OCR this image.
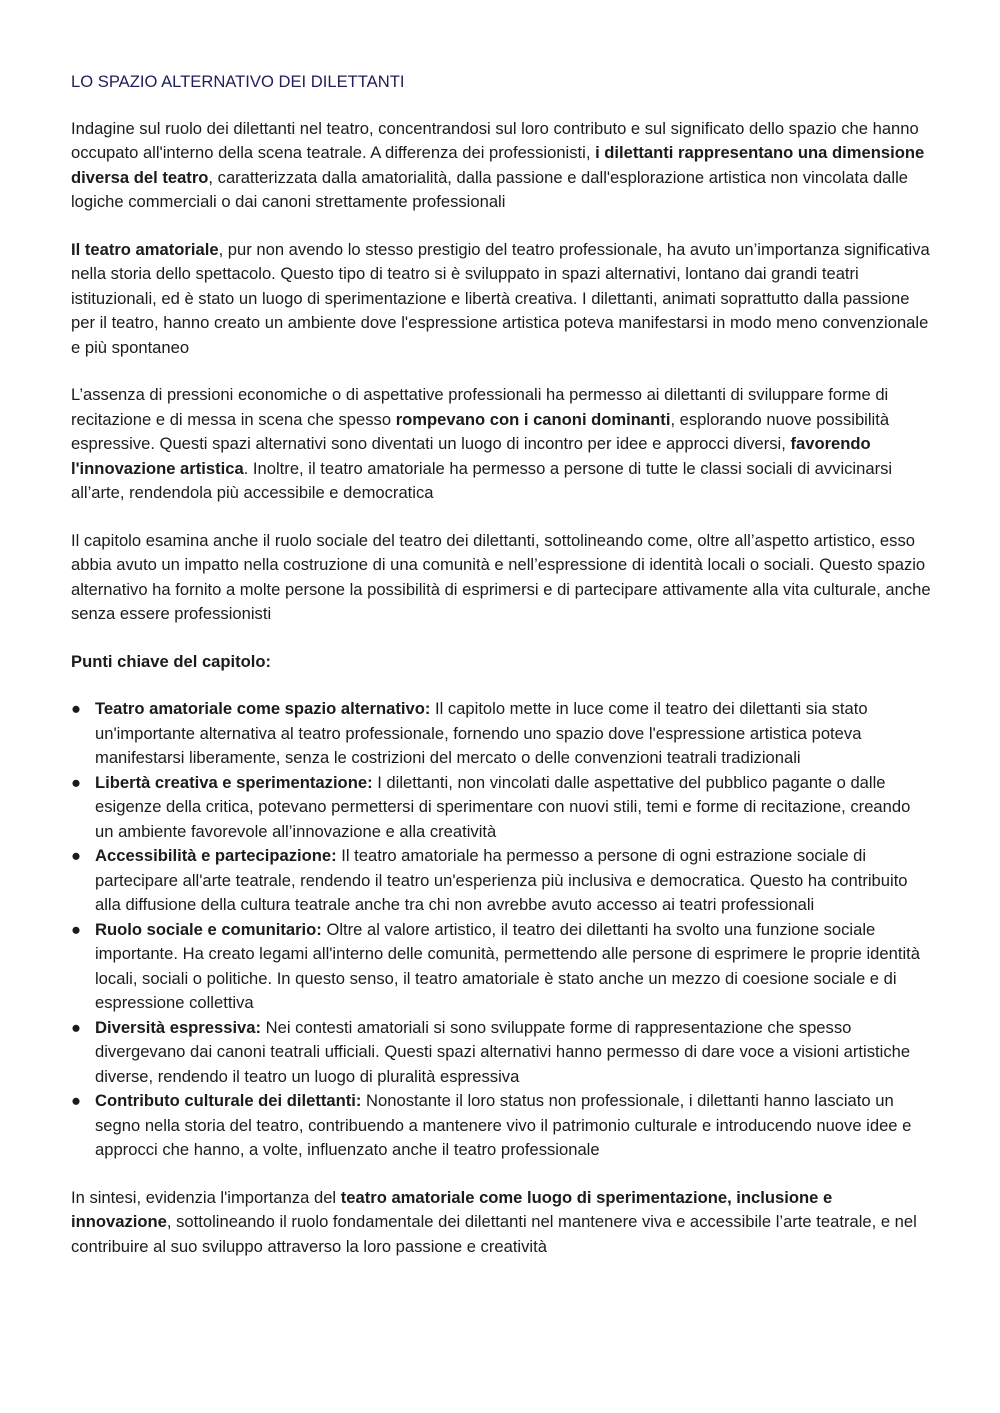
LO SPAZIO ALTERNATIVO DEI DILETTANTI

Indagine sul ruolo dei dilettanti nel teatro, concentrandosi sul loro contributo e sul significato dello spazio che hanno occupato all'interno della scena teatrale. A differenza dei professionisti, i dilettanti rappresentano una dimensione diversa del teatro, caratterizzata dalla amatorialità, dalla passione e dall'esplorazione artistica non vincolata dalle logiche commerciali o dai canoni strettamente professionali

Il teatro amatoriale, pur non avendo lo stesso prestigio del teatro professionale, ha avuto un’importanza significativa nella storia dello spettacolo. Questo tipo di teatro si è sviluppato in spazi alternativi, lontano dai grandi teatri istituzionali, ed è stato un luogo di sperimentazione e libertà creativa. I dilettanti, animati soprattutto dalla passione per il teatro, hanno creato un ambiente dove l'espressione artistica poteva manifestarsi in modo meno convenzionale e più spontaneo

L’assenza di pressioni economiche o di aspettative professionali ha permesso ai dilettanti di sviluppare forme di recitazione e di messa in scena che spesso rompevano con i canoni dominanti, esplorando nuove possibilità espressive. Questi spazi alternativi sono diventati un luogo di incontro per idee e approcci diversi, favorendo l'innovazione artistica. Inoltre, il teatro amatoriale ha permesso a persone di tutte le classi sociali di avvicinarsi all’arte, rendendola più accessibile e democratica

Il capitolo esamina anche il ruolo sociale del teatro dei dilettanti, sottolineando come, oltre all’aspetto artistico, esso abbia avuto un impatto nella costruzione di una comunità e nell’espressione di identità locali o sociali. Questo spazio alternativo ha fornito a molte persone la possibilità di esprimersi e di partecipare attivamente alla vita culturale, anche senza essere professionisti

Punti chiave del capitolo:
● Teatro amatoriale come spazio alternativo: Il capitolo mette in luce come il teatro dei dilettanti sia stato un'importante alternativa al teatro professionale, fornendo uno spazio dove l'espressione artistica poteva manifestarsi liberamente, senza le costrizioni del mercato o delle convenzioni teatrali tradizionali
● Libertà creativa e sperimentazione: I dilettanti, non vincolati dalle aspettative del pubblico pagante o dalle esigenze della critica, potevano permettersi di sperimentare con nuovi stili, temi e forme di recitazione, creando un ambiente favorevole all’innovazione e alla creatività
● Accessibilità e partecipazione: Il teatro amatoriale ha permesso a persone di ogni estrazione sociale di partecipare all'arte teatrale, rendendo il teatro un'esperienza più inclusiva e democratica. Questo ha contribuito alla diffusione della cultura teatrale anche tra chi non avrebbe avuto accesso ai teatri professionali
● Ruolo sociale e comunitario: Oltre al valore artistico, il teatro dei dilettanti ha svolto una funzione sociale importante. Ha creato legami all'interno delle comunità, permettendo alle persone di esprimere le proprie identità locali, sociali o politiche. In questo senso, il teatro amatoriale è stato anche un mezzo di coesione sociale e di espressione collettiva
● Diversità espressiva: Nei contesti amatoriali si sono sviluppate forme di rappresentazione che spesso divergevano dai canoni teatrali ufficiali. Questi spazi alternativi hanno permesso di dare voce a visioni artistiche diverse, rendendo il teatro un luogo di pluralità espressiva
● Contributo culturale dei dilettanti: Nonostante il loro status non professionale, i dilettanti hanno lasciato un segno nella storia del teatro, contribuendo a mantenere vivo il patrimonio culturale e introducendo nuove idee e approcci che hanno, a volte, influenzato anche il teatro professionale

In sintesi, evidenzia l'importanza del teatro amatoriale come luogo di sperimentazione, inclusione e innovazione, sottolineando il ruolo fondamentale dei dilettanti nel mantenere viva e accessibile l’arte teatrale, e nel contribuire al suo sviluppo attraverso la loro passione e creatività
